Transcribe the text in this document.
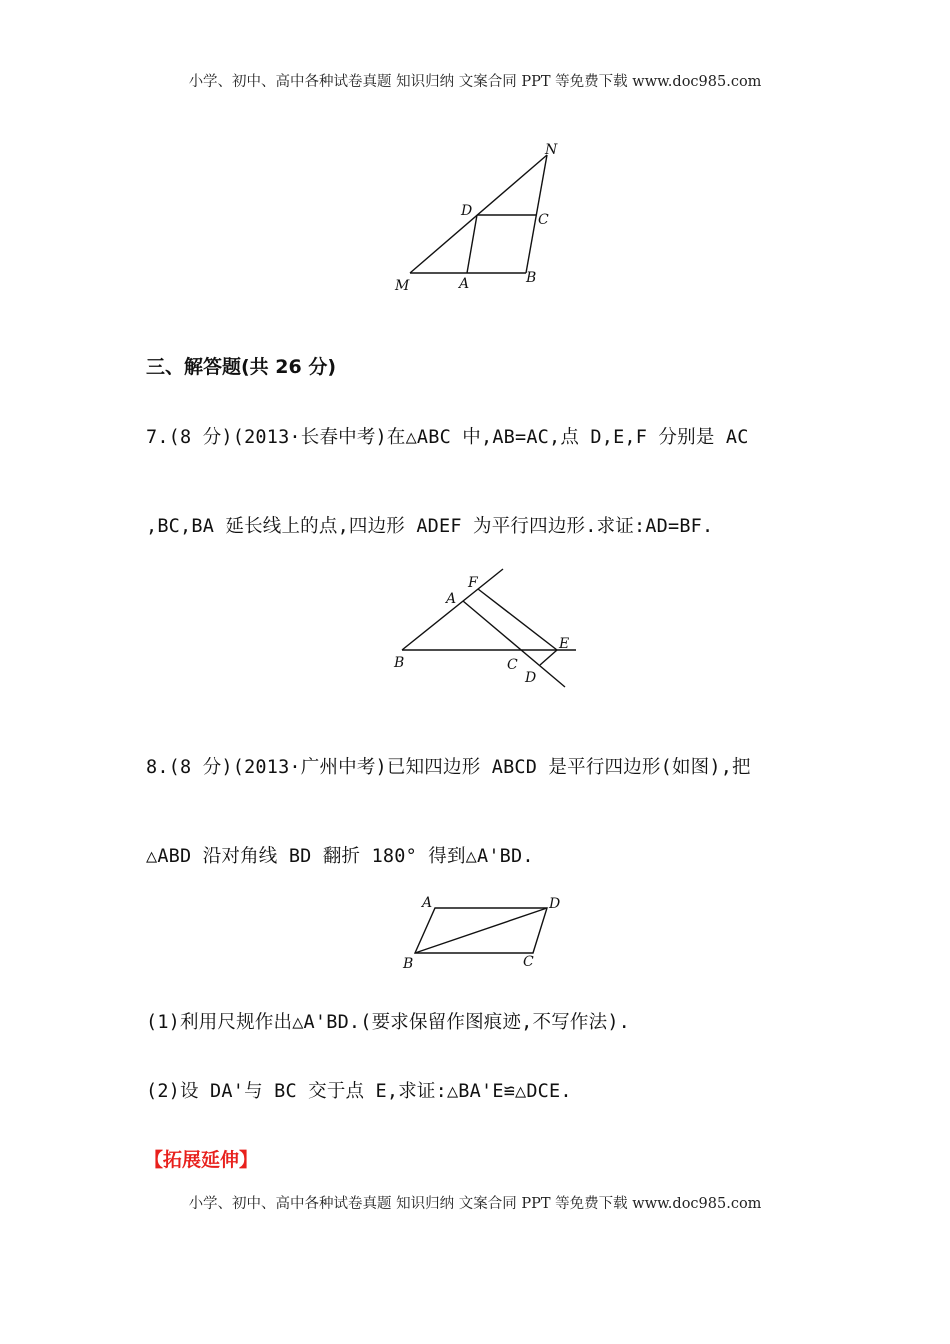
小学、初中、高中各种试卷真题 知识归纳 文案合同 PPT 等免费下载 www.doc985.com
N
D
C
M	A	B
三、解答题(共 26 分)
7.(8 分)(2013·长春中考)在△ABC 中,AB=AC,点 D,E,F 分别是 AC
,BC,BA 延长线上的点,四边形 ADEF 为平行四边形.求证:AD=BF.
A
F
B	C
D
E
8.(8 分)(2013·广州中考)已知四边形 ABCD 是平行四边形(如图),把
△ABD 沿对角线 BD 翻折 180° 得到△A'BD.
A	D
B	C
(1)利用尺规作出△A'BD.(要求保留作图痕迹,不写作法).
(2)设 DA'与 BC 交于点 E,求证:△BA'E≌△DCE.
【拓展延伸】
小学、初中、高中各种试卷真题 知识归纳 文案合同 PPT 等免费下载 www.doc985.com
